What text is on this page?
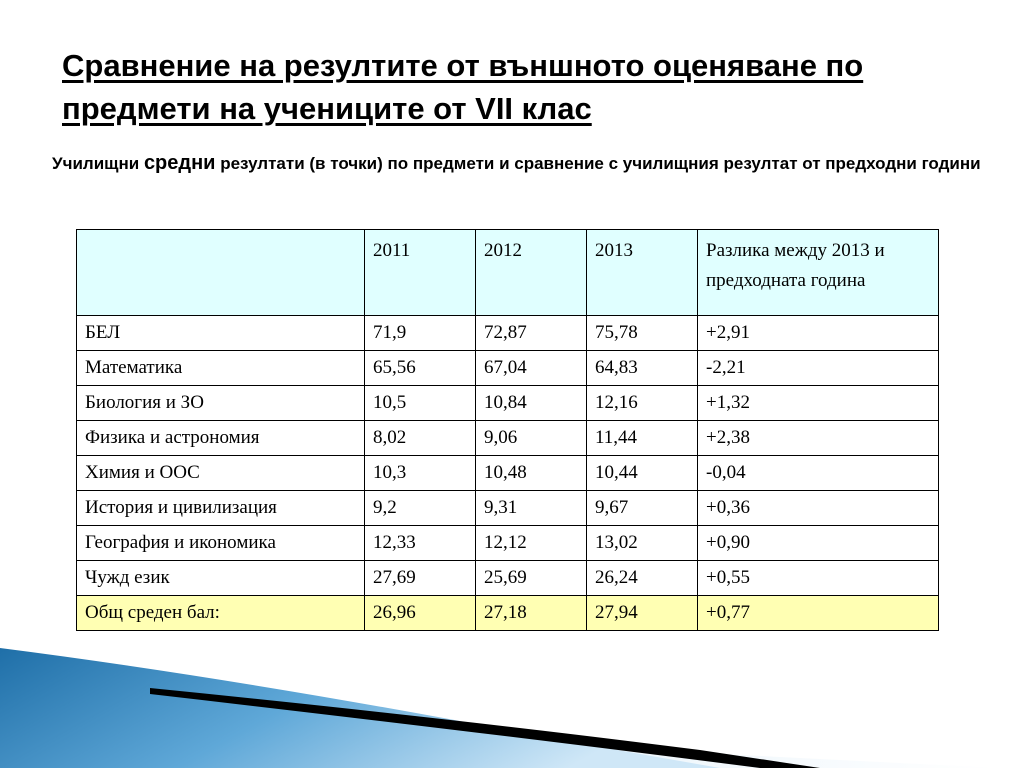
Сравнение на резултите от външното оценяване по предмети на учениците от VII клас

Училищни средни резултати (в точки) по предмети и сравнение с училищния резултат от предходни години

	2011	2012	2013	Разлика между 2013 и предходната година
БЕЛ	71,9	72,87	75,78	+2,91
Математика	65,56	67,04	64,83	-2,21
Биология и ЗО	10,5	10,84	12,16	+1,32
Физика и астрономия	8,02	9,06	11,44	+2,38
Химия и ООС	10,3	10,48	10,44	-0,04
История и цивилизация	9,2	9,31	9,67	+0,36
География и икономика	12,33	12,12	13,02	+0,90
Чужд език	27,69	25,69	26,24	+0,55
Общ среден бал:	26,96	27,18	27,94	+0,77
